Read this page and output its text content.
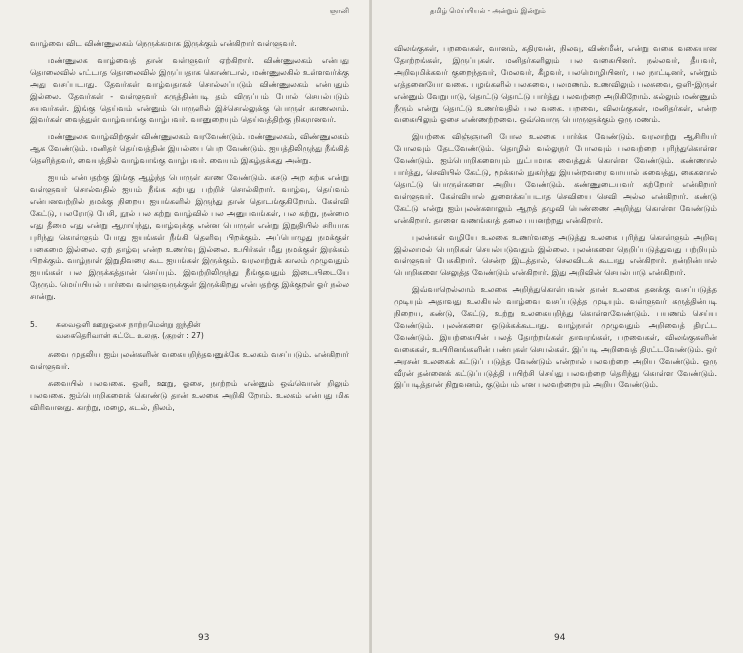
ஞானி

வாழ்வை விட விண்ணுலகம் நெருக்கமாக இருக்கும் என்கிறார் வள்ளுவர்.

மண்ணுலக வாழ்வைத் தான் வள்ளுவர் ஏற்கிறார். விண்ணுலகம் என்பது தொலைவில் எட்டாத தொலைவில் இருப்பதாக கொண்டால், மண்ணுலகில் உள்ளவர்க்கு அது வசப்படாது. தேவர்கள் வாழ்வதாகச் சொல்லப்படும் விண்ணுலகம் என்பதும் இல்லை. தேவர்கள் - வள்ளுவர் கருத்தின்படி தம் விருப்பம் போல் செயல்படும் சுயவர்கள். இங்கு தெய்வம் என்னும் பொருளில் இச்சொல்லுக்கு பொருள் காணலாம். இவர்கள் வைத்துள் வாழ்வாங்கு வாழ்பவர். வானுறையும் தெய்வத்திற்கு நிகரானவர்.

மண்ணுலக வாழ்விற்குள் விண்ணுலகம் வரவேண்டும். மண்ணுலகம், விண்ணுலகம் ஆக வேண்டும். மனிதர் தெய்வத்தின் இயல்பை பெற வேண்டும். ஐயத்திலிருந்து நீங்கித் தெளிந்தவர், வையத்தில் வாழ்வாங்கு வாழ்பவர். வையம் இகழ்தக்கது அன்று.

ஐயம் என்பதற்கு இங்கு ஆழ்ந்த பொருள் காண வேண்டும். கசடு அற கற்க என்று வள்ளுவர் சொல்வதில் ஐயம் நீங்க கற்பது பற்றிச் சொல்கிறார். வாழ்வு, தெய்வம் என்பனவற்றில் நமக்கு நிறைய ஐயங்களில் இருந்து தான் தொடங்குகிறோம். கேள்வி கேட்டு, பலரோடு பேசி, நூல் பல கற்று வாழ்வில் பல அனுபவங்கள், பல கற்று, நன்மை எது தீமை எது என்று ஆராய்ந்து, வாழ்வுக்கு என்ன பொருள் என்று இறுதியில் சரியாக புரிந்து கொள்ளும் போது ஐயங்கள் நீங்கி தெளிவு பிறக்கும். அப்பொழுது நமக்குள் பகைமை இல்லை. ஏற் தாழ்வு என்ற உணர்வு இல்லை. உயிர்கள் மீது நமக்குள் இரக்கம் பிறக்கும். வாழ்நாள் இறுதிவரை கூட ஐயங்கள் இருக்கும். வரலாற்றுக் காலம் முழுவதும் ஐயங்கள் பல இருக்கத்தான் செய்யும். இவற்றிலிருந்து நீங்குவதும் இடையிடையே நேரும். மெய்யியல் பார்வை வள்ளுவருக்குள் இருக்கிறது என்பதற்கு இக்குறள் ஓர் நல்ல சான்று.

5.	சுவைஒளி ஊறுஓசை நாற்றமென்று ஐந்தின்
வகைதெரிவான் கட்டே உலகு. (குறள் : 27)

சுவை முதலிய ஐம்புலன்களின் வகையறிந்தவனுக்கே உலகம் வசப்படும். என்கிறார் வள்ளுவர்.

சுவையில் பலவகை. ஒளி, ஊறு, ஓசை, நாற்றம் என்னும் ஒவ்வொன் றிலும் பலவகை. ஐம்பொறிகளைக் கொண்டு தான் உலகை அறிகி றோம். உலகம் என்பது மிக விரிவானது. காற்று, மழை, கடல், நிலம்,

93
தமிழ் மெய்யியல் - அன்றும் இன்றும்

விலங்குகள், பறவைகள், வானம், கதிரவன், நிலவு, விண்மீன், என்று வகை வகையான தோற்றங்கள், இருப்புகள். மனிதர்களிலும் பல வகையினர். நல்லவர், தீயவர், அறிவுமிக்கவர் குறைந்தவர், மேலவர், கீழவர், பலமொழியினர், பல நாட்டினர், என்றும் எத்தனையோ வகை. பழங்களில் பலசுவை, பலமணம். உணவிலும் பலசுவை, ஒளி-இருள் என்னும் வேறுபாடு, தொட்டு தொட்டு பார்த்து பலவற்றை அறிகிறோம். கல்லும் மண்ணும் நீரும் என்று தொட்டு உணர்வதில் பல வகை. பறவை, விலங்குகள், மனிதர்கள், என்ற வகையிலும் ஓசை எண்ணற்றவை. ஒவ்வொரு பொருளுக்கும் ஒரு மணம்.

இயற்கை விஞ்ஞானி போல உலகை பார்க்க வேண்டும். வரலாற்று ஆசிரியர் போலவும் தேடவேண்டும். தொழில் வல்லுநர் போலவும் பலவற்றை புரிந்துகொள்ள வேண்டும். ஐம்பொறிகளையும் நுட்பமாக வைத்துக் கொள்ள வேண்டும். கண்ணால் பார்த்து, செவியில் கேட்டு, மூக்கால் நுகர்ந்து இயன்றவரை வாயால் சுவைத்து, கைகளால் தொட்டு பொருள்களை அறிய வேண்டும். கண்ணுடையவர் கற்றோர் என்கிறார் வள்ளுவர். கேள்வியால் துளைக்கப்படாத செவியை செவி அல்ல என்கிறார். கண்டு கேட்டு என்று ஐம்புலன்களாலும் ஆறத் தழுவி பெண்ணை அறிந்து கொள்ள வேண்டும் என்கிறார். தாளை வணங்காத் தலை பயனற்றது என்கிறார்.

புலன்கள் வழியே உலகை உணர்வதை அடுத்து உலகை புரிந்து கொள்ளும் அறிவு இல்லாமல் பொறிகள் செயல்படுவதும் இல்லை. புலன்களை நெறிப்படுத்துவது பற்றியும் வள்ளுவர் பேசுகிறார். சென்ற இடத்தால், செலவிடக் கூடாது என்கிறார். நன்றின்பால் பொறிகளை செலுத்த வேண்டும் என்கிறார். இது அறிவின் செயல்பாடு என்கிறார்.

இவ்வாறெல்லாம் உலகை அறிந்துகொள்பவன் தான் உலகை தனக்கு வசப்படுத்த முடியும் அதாவது உலகியல் வாழ்வை வசப்படுத்த முடியும். வள்ளுவர் கருத்தின்படி நிறைய, கண்டு, கேட்டு, உற்று உலகையறிந்து கொள்ளவேண்டும். பயணம் செய்ய வேண்டும். புலன்களை ஒடுக்கக்கூடாது. வாழ்நாள் முழுவதும் அறிவைத் திரட்ட வேண்டும். இயற்கையின் பலத் தோற்றங்கள் தாவரங்கள், பறவைகள், விலங்குகளின் வகைகள், உயிரினங்களின் பண்புகள் செயல்கள். இப்படி அறிவைத் திரட்டவேண்டும். ஒர் அரசன் உலகைக் கட்டுப் படுத்த வேண்டும் என்றால் பலவற்றை அறிய வேண்டும். ஒரு வீரன் தன்னைக் கட்டுப்படுத்தி பயிற்சி செய்து பலவற்றை தெரிந்து கொள்ள வேண்டும். இப்படித்தான் நிறுவனம், குடும்பம் என பலவற்றையும் அறிய வேண்டும்.

94
